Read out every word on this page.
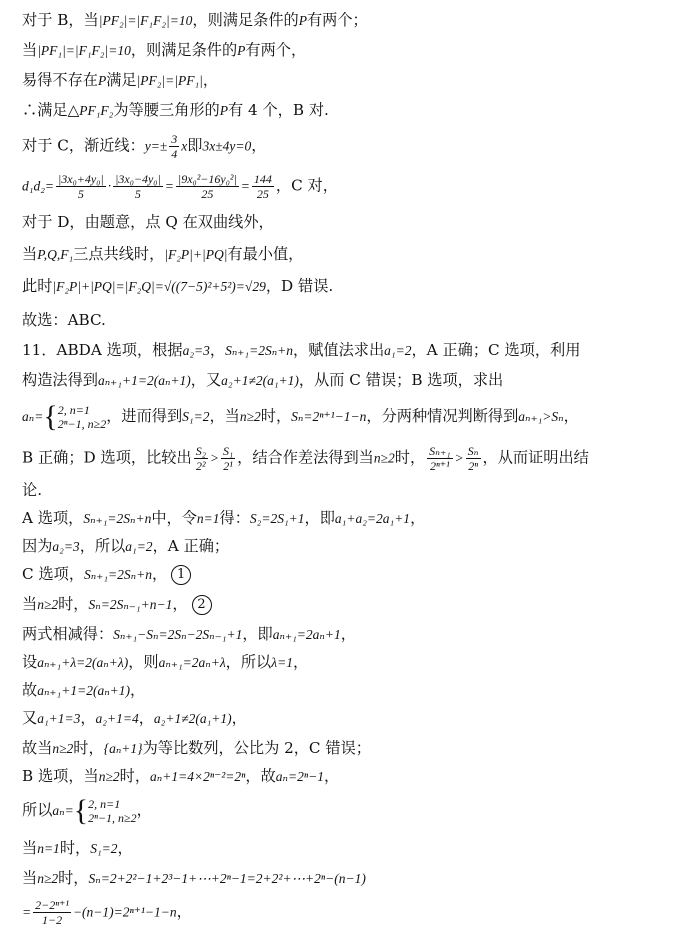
对于 B，当|PF₂|=|F₁F₂|=10，则满足条件的P有两个；
当|PF₁|=|F₁F₂|=10，则满足条件的P有两个，
易得不存在P满足|PF₂|=|PF₁|，
∴满足△PF₁F₂为等腰三角形的P有 4 个，B 对.
对于 C，渐近线：$y=\pm \frac{3}{4}$ x即3x±4y=0，
$d_1d_2= \frac{\text{|3x₀+4y₀|}}{5} \cdot \frac{\text{|3x₀−4y₀|}}{5} = \frac{\text{|9x₀²−16y₀²|}}{25} = \frac{144}{25}$ ，C 对，
对于 D，由题意，点 Q 在双曲线外，
当P,Q,F₁三点共线时，|F₂P|+|PQ|有最小值，
此时|F₂P|+|PQ|=|F₂Q|=√((7−5)²+5²)=√29，D 错误.
故选：ABC.
11．ABDA 选项，根据a₂=3，Sₙ₊₁=2Sₙ+n，赋值法求出a₁=2，A 正确；C 选项，利用
构造法得到aₙ₊₁+1=2(aₙ+1)，又a₂+1≠2(a₁+1)，从而 C 错误；B 选项，求出
aₙ={ 2, n=1
2ⁿ−1, n≥2 ，进而得到S₁=2，当n≥2时，Sₙ=2ⁿ⁺¹−1−n，分两种情况判断得到aₙ₊₁>Sₙ，
B 正确；D 选项，比较出 $\frac{\text{S₂}}{\text{2²}} > \frac{\text{S₁}}{\text{2¹}}$ ，结合作差法得到当n≥2时， $\frac{\text{Sₙ₊₁}}{\text{2ⁿ⁺¹}} > \frac{\text{Sₙ}}{\text{2ⁿ}}$ ，从而证明出结
论.
A 选项，Sₙ₊₁=2Sₙ+n中，令n=1得：S₂=2S₁+1，即a₁+a₂=2a₁+1，
因为a₂=3，所以a₁=2，A 正确；
C 选项，Sₙ₊₁=2Sₙ+n， 1
当n≥2时，Sₙ=2Sₙ₋₁+n−1， 2
两式相减得：Sₙ₊₁−Sₙ=2Sₙ−2Sₙ₋₁+1，即aₙ₊₁=2aₙ+1，
设aₙ₊₁+λ=2(aₙ+λ)，则aₙ₊₁=2aₙ+λ，所以λ=1，
故aₙ₊₁+1=2(aₙ+1)，
又a₁+1=3，a₂+1=4，a₂+1≠2(a₁+1)，
故当n≥2时，{aₙ+1}为等比数列，公比为 2，C 错误；
B 选项，当n≥2时，aₙ+1=4×2ⁿ⁻²=2ⁿ，故aₙ=2ⁿ−1，
所以aₙ={ 2, n=1
2ⁿ−1, n≥2 ，
当n=1时，S₁=2，
当n≥2时，Sₙ=2+2²−1+2³−1+⋯+2ⁿ−1=2+2²+⋯+2ⁿ−(n−1)
= $\frac{\text{2−2ⁿ⁺¹}}{1-2} -(n-1)=2^{n+1}-1-n$，
